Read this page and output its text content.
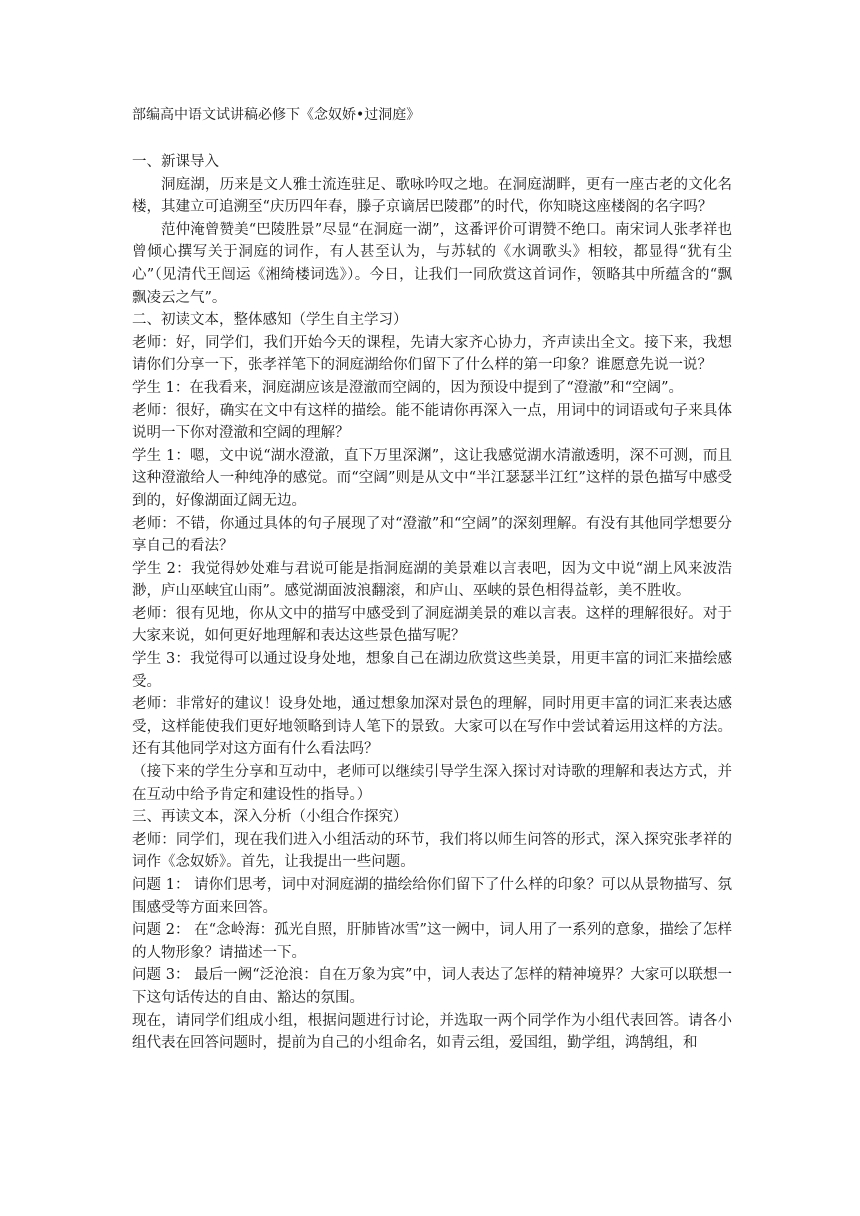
部编高中语文试讲稿必修下《念奴娇•过洞庭》

一、新课导入

洞庭湖，历来是文人雅士流连驻足、歌咏吟叹之地。在洞庭湖畔，更有一座古老的文化名楼，其建立可追溯至“庆历四年春，滕子京谪居巴陵郡”的时代，你知晓这座楼阁的名字吗？

范仲淹曾赞美“巴陵胜景”尽显“在洞庭一湖”，这番评价可谓赞不绝口。南宋词人张孝祥也曾倾心撰写关于洞庭的词作，有人甚至认为，与苏轼的《水调歌头》相较，都显得“犹有尘心”（见清代王闿运《湘绮楼词选》）。今日，让我们一同欣赏这首词作，领略其中所蕴含的“飘飘凌云之气”。

二、初读文本，整体感知（学生自主学习）

老师：好，同学们，我们开始今天的课程，先请大家齐心协力，齐声读出全文。接下来，我想请你们分享一下，张孝祥笔下的洞庭湖给你们留下了什么样的第一印象？谁愿意先说一说？

学生 1：在我看来，洞庭湖应该是澄澈而空阔的，因为预设中提到了“澄澈”和“空阔”。

老师：很好，确实在文中有这样的描绘。能不能请你再深入一点，用词中的词语或句子来具体说明一下你对澄澈和空阔的理解？

学生 1：嗯，文中说“湖水澄澈，直下万里深渊”，这让我感觉湖水清澈透明，深不可测，而且这种澄澈给人一种纯净的感觉。而“空阔”则是从文中“半江瑟瑟半江红”这样的景色描写中感受到的，好像湖面辽阔无边。

老师：不错，你通过具体的句子展现了对“澄澈”和“空阔”的深刻理解。有没有其他同学想要分享自己的看法？

学生 2：我觉得妙处难与君说可能是指洞庭湖的美景难以言表吧，因为文中说“湖上风来波浩渺，庐山巫峡宜山雨”。感觉湖面波浪翻滚，和庐山、巫峡的景色相得益彰，美不胜收。

老师：很有见地，你从文中的描写中感受到了洞庭湖美景的难以言表。这样的理解很好。对于大家来说，如何更好地理解和表达这些景色描写呢？

学生 3：我觉得可以通过设身处地，想象自己在湖边欣赏这些美景，用更丰富的词汇来描绘感受。

老师：非常好的建议！设身处地，通过想象加深对景色的理解，同时用更丰富的词汇来表达感受，这样能使我们更好地领略到诗人笔下的景致。大家可以在写作中尝试着运用这样的方法。还有其他同学对这方面有什么看法吗？

（接下来的学生分享和互动中，老师可以继续引导学生深入探讨对诗歌的理解和表达方式，并在互动中给予肯定和建设性的指导。）

三、再读文本，深入分析（小组合作探究）

老师：同学们，现在我们进入小组活动的环节，我们将以师生问答的形式，深入探究张孝祥的词作《念奴娇》。首先，让我提出一些问题。

问题 1： 请你们思考，词中对洞庭湖的描绘给你们留下了什么样的印象？可以从景物描写、氛围感受等方面来回答。

问题 2： 在“念岭海：孤光自照，肝肺皆冰雪”这一阙中，词人用了一系列的意象，描绘了怎样的人物形象？请描述一下。

问题 3： 最后一阙“泛沧浪：自在万象为宾”中，词人表达了怎样的精神境界？大家可以联想一下这句话传达的自由、豁达的氛围。

现在，请同学们组成小组，根据问题进行讨论，并选取一两个同学作为小组代表回答。请各小组代表在回答问题时，提前为自己的小组命名，如青云组，爱国组，勤学组，鸿鹄组，和
